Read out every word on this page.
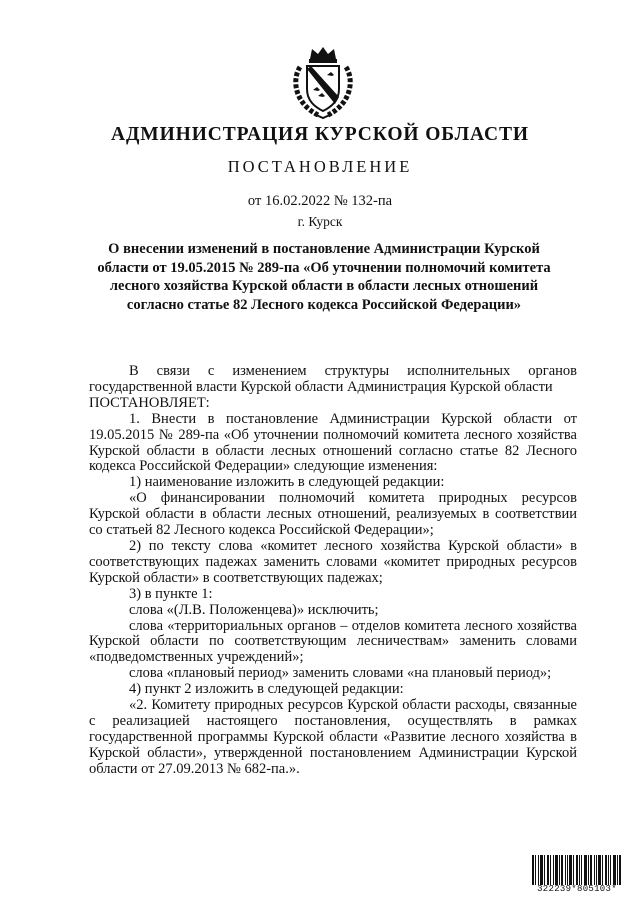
АДМИНИСТРАЦИЯ КУРСКОЙ ОБЛАСТИ
ПОСТАНОВЛЕНИЕ
от 16.02.2022 № 132-па
г. Курск
О внесении изменений в постановление Администрации Курской области от 19.05.2015 № 289-па «Об уточнении полномочий комитета лесного хозяйства Курской области в области лесных отношений согласно статье 82 Лесного кодекса Российской Федерации»

В связи с изменением структуры исполнительных органов государственной власти Курской области Администрация Курской области

ПОСТАНОВЛЯЕТ:

1. Внести в постановление Администрации Курской области от 19.05.2015 № 289-па «Об уточнении полномочий комитета лесного хозяйства Курской области в области лесных отношений согласно статье 82 Лесного кодекса Российской Федерации» следующие изменения:

1) наименование изложить в следующей редакции:

«О финансировании полномочий комитета природных ресурсов Курской области в области лесных отношений, реализуемых в соответствии со статьей 82 Лесного кодекса Российской Федерации»;

2) по тексту слова «комитет лесного хозяйства Курской области» в соответствующих падежах заменить словами «комитет природных ресурсов Курской области» в соответствующих падежах;

3) в пункте 1:

слова «(Л.В. Положенцева)» исключить;

слова «территориальных органов – отделов комитета лесного хозяйства Курской области по соответствующим лесничествам» заменить словами «подведомственных учреждений»;

слова «плановый период» заменить словами «на плановый период»;

4) пункт 2 изложить в следующей редакции:

«2. Комитету природных ресурсов Курской области расходы, связанные с реализацией настоящего постановления, осуществлять в рамках государственной программы Курской области «Развитие лесного хозяйства в Курской области», утвержденной постановлением Администрации Курской области от 27.09.2013 № 682-па.».

322239*805103*
